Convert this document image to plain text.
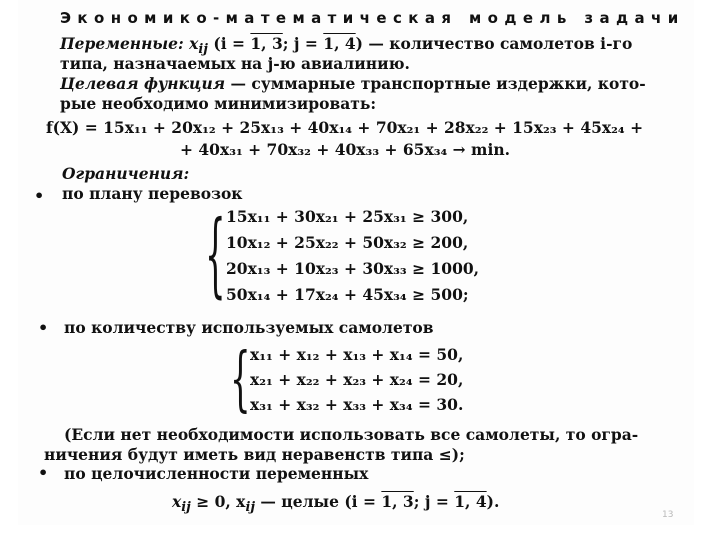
Экономико-математическая модель задачи
Переменные: $x_{ij}$ (i = 1, 3; j = 1, 4) — количество самолетов i-го
типа, назначаемых на j-ю авиалинию.
Целевая функция — суммарные транспортные издержки, кото-
рые необходимо минимизировать:
f(X) = 15x₁₁ + 20x₁₂ + 25x₁₃ + 40x₁₄ + 70x₂₁ + 28x₂₂ + 15x₂₃ + 45x₂₄ +
+ 40x₃₁ + 70x₃₂ + 40x₃₃ + 65x₃₄ → min.
Ограничения:
• по плану перевозок
{ 15x₁₁ + 30x₂₁ + 25x₃₁ ≥ 300,
10x₁₂ + 25x₂₂ + 50x₃₂ ≥ 200,
20x₁₃ + 10x₂₃ + 30x₃₃ ≥ 1000,
50x₁₄ + 17x₂₄ + 45x₃₄ ≥ 500;
• по количеству используемых самолетов
{ x₁₁ + x₁₂ + x₁₃ + x₁₄ = 50,
x₂₁ + x₂₂ + x₂₃ + x₂₄ = 20,
x₃₁ + x₃₂ + x₃₃ + x₃₄ = 30.
(Если нет необходимости использовать все самолеты, то огра-
ничения будут иметь вид неравенств типа ≤);
• по целочисленности переменных
$x_{ij} \ge 0$, $x_{ij}$ — целые (i = 1, 3; j = 1, 4).
13
